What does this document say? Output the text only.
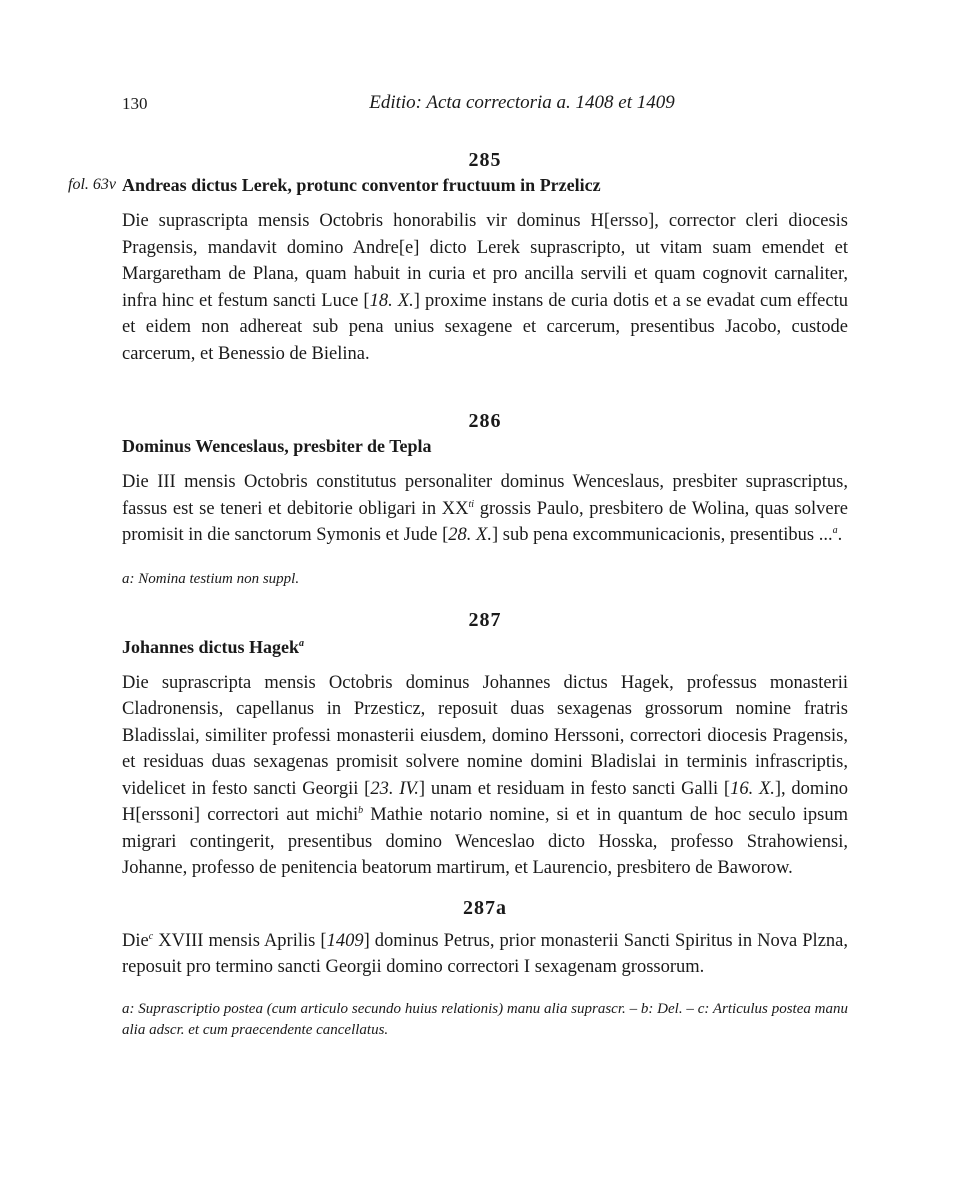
130	Editio: Acta correctoria a. 1408 et 1409

285

fol. 63v Andreas dictus Lerek, protunc conventor fructuum in Przelicz

Die suprascripta mensis Octobris honorabilis vir dominus H[ersso], corrector cleri diocesis Pragensis, mandavit domino Andre[e] dicto Lerek suprascripto, ut vitam suam emendet et Margaretham de Plana, quam habuit in curia et pro ancilla servili et quam cognovit carnaliter, infra hinc et festum sancti Luce [18. X.] proxime instans de curia dotis et a se evadat cum effectu et eidem non adhereat sub pena unius sexagene et carcerum, presentibus Jacobo, custode carcerum, et Benessio de Bielina.

286

Dominus Wenceslaus, presbiter de Tepla

Die III mensis Octobris constitutus personaliter dominus Wenceslaus, presbiter suprascriptus, fassus est se teneri et debitorie obligari in $XX^{ti}$ grossis Paulo, presbitero de Wolina, quas solvere promisit in die sanctorum Symonis et Jude [28. X.] sub pena excommunicacionis, presentibus ...$^a$.

a: Nomina testium non suppl.

287

Johannes dictus Hagek$^a$

Die suprascripta mensis Octobris dominus Johannes dictus Hagek, professus monasterii Cladronensis, capellanus in Przesticz, reposuit duas sexagenas grossorum nomine fratris Bladisslai, similiter professi monasterii eiusdem, domino Herssoni, correctori diocesis Pragensis, et residuas duas sexagenas promisit solvere nomine domini Bladislai in terminis infrascriptis, videlicet in festo sancti Georgii [23. IV.] unam et residuam in festo sancti Galli [16. X.], domino H[erssoni] correctori aut michi$^b$ Mathie notario nomine, si et in quantum de hoc seculo ipsum migrari contingerit, presentibus domino Wenceslao dicto Hosska, professo Strahowiensi, Johanne, professo de penitencia beatorum martirum, et Laurencio, presbitero de Baworow.

287a

Die$^c$ XVIII mensis Aprilis [1409] dominus Petrus, prior monasterii Sancti Spiritus in Nova Plzna, reposuit pro termino sancti Georgii domino correctori I sexagenam grossorum.

a: Suprascriptio postea (cum articulo secundo huius relationis) manu alia suprascr. – b: Del. – c: Articulus postea manu alia adscr. et cum praecendente cancellatus.
